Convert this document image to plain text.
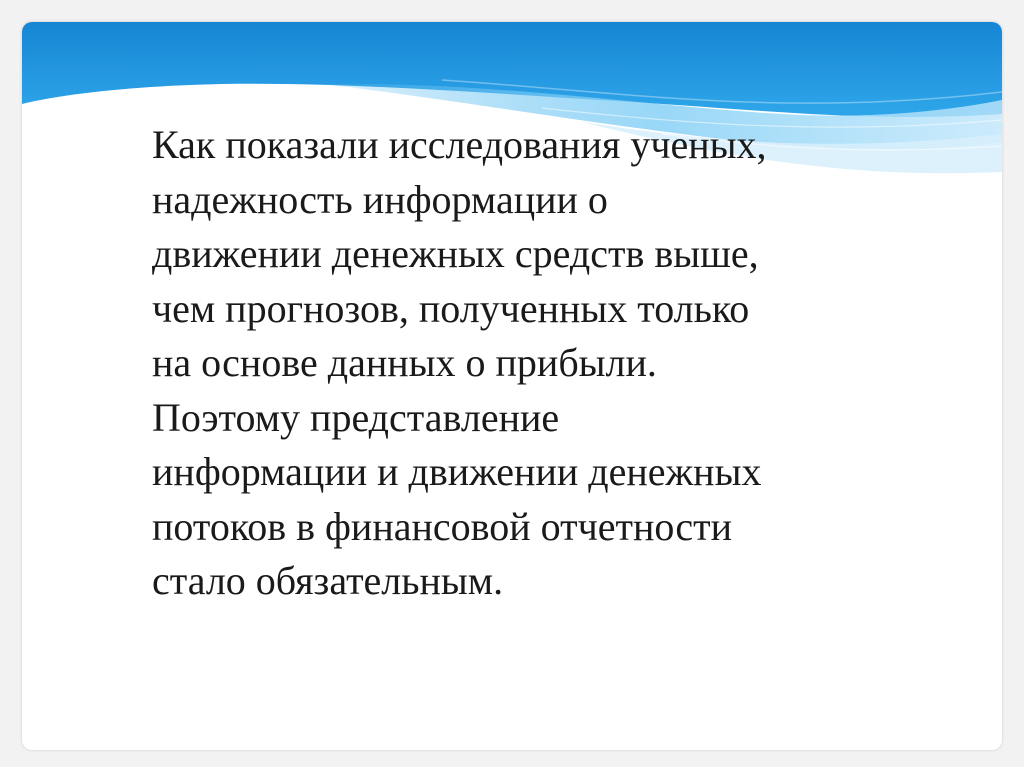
Как показали исследования ученых,
надежность информации о
движении денежных средств выше,
чем прогнозов, полученных только
на основе данных о прибыли.
Поэтому представление
информации и движении денежных
потоков в финансовой отчетности
стало обязательным.
